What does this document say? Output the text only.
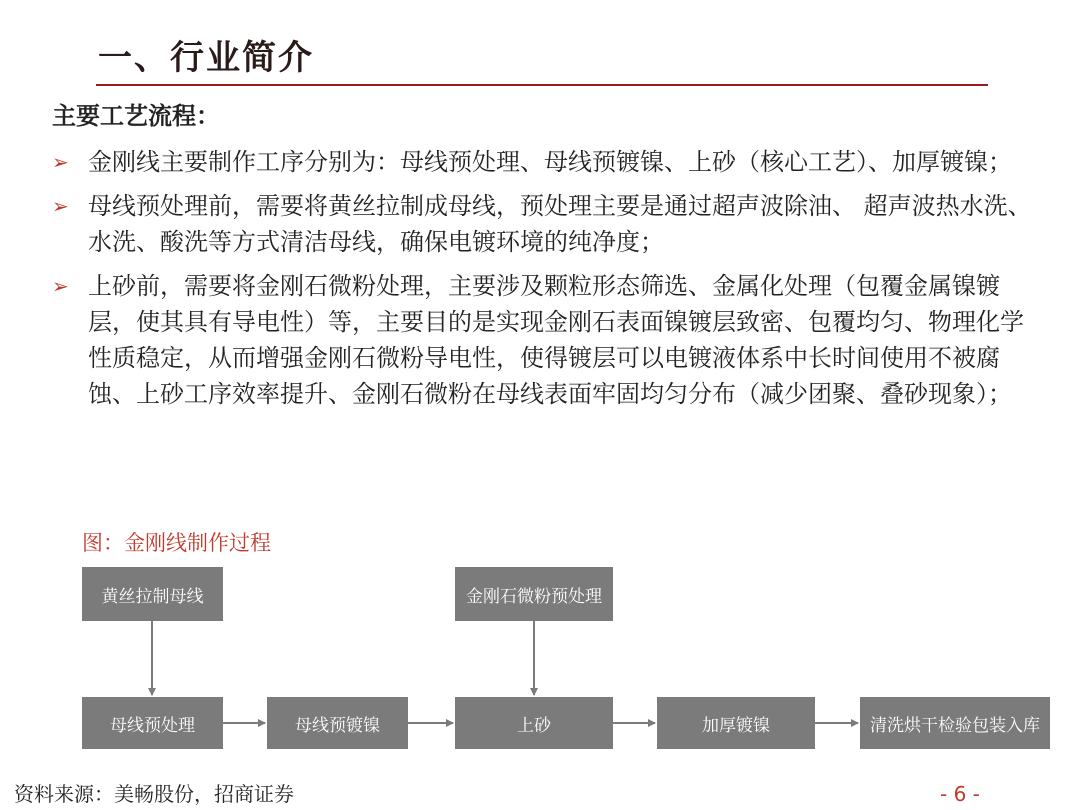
一、行业简介
主要工艺流程：
➢ 金刚线主要制作工序分别为：母线预处理、母线预镀镍、上砂（核心工艺）、加厚镀镍；
➢ 母线预处理前，需要将黄丝拉制成母线，预处理主要是通过超声波除油、 超声波热水洗、水洗、酸洗等方式清洁母线，确保电镀环境的纯净度；
➢ 上砂前，需要将金刚石微粉处理，主要涉及颗粒形态筛选、金属化处理（包覆金属镍镀层，使其具有导电性）等，主要目的是实现金刚石表面镍镀层致密、包覆均匀、物理化学性质稳定，从而增强金刚石微粉导电性，使得镀层可以电镀液体系中长时间使用不被腐蚀、上砂工序效率提升、金刚石微粉在母线表面牢固均匀分布（减少团聚、叠砂现象）；
图：金刚线制作过程
黄丝拉制母线	金刚石微粉预处理
母线预处理	母线预镀镍	上砂	加厚镀镍	清洗烘干检验包装入库
资料来源：美畅股份，招商证券	- 6 -
